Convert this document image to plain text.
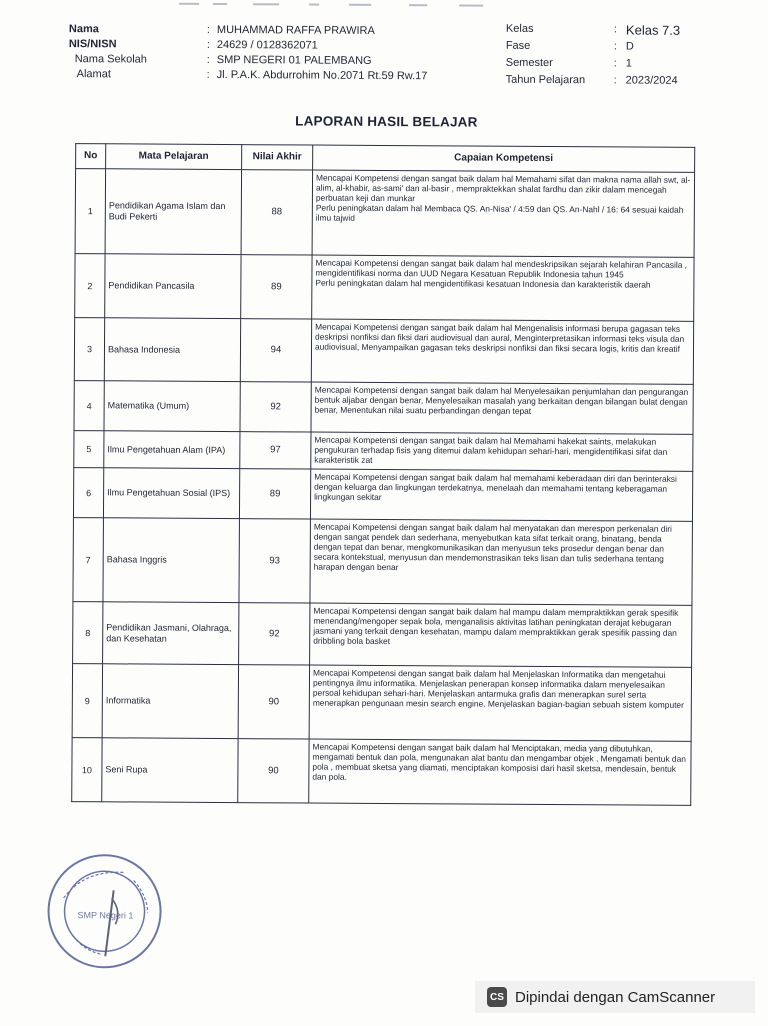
Nama	: MUHAMMAD RAFFA PRAWIRA
NIS/NISN	: 24629 / 0128362071
Nama Sekolah	: SMP NEGERI 01 PALEMBANG
Alamat	: Jl. P.A.K. Abdurrohim No.2071 Rt.59 Rw.17
Kelas	: Kelas 7.3
Fase	: D
Semester	: 1
Tahun Pelajaran	: 2023/2024
LAPORAN HASIL BELAJAR
No	Mata Pelajaran	Nilai Akhir	Capaian Kompetensi
1	Pendidikan Agama Islam dan Budi Pekerti	88	Mencapai Kompetensi dengan sangat baik dalam hal Memahami sifat dan makna nama allah swt, al-alim, al-khabir, as-sami' dan al-basir , mempraktekkan shalat fardhu dan zikir dalam mencegah perbuatan keji dan munkar
Perlu peningkatan dalam hal Membaca QS. An-Nisa' / 4:59 dan QS. An-Nahl / 16: 64 sesuai kaidah ilmu tajwid
2	Pendidikan Pancasila	89	Mencapai Kompetensi dengan sangat baik dalam hal mendeskripsikan sejarah kelahiran Pancasila , mengidentifikasi norma dan UUD Negara Kesatuan Republik Indonesia tahun 1945
Perlu peningkatan dalam hal mengidentifikasi kesatuan Indonesia dan karakteristik daerah
3	Bahasa Indonesia	94	Mencapai Kompetensi dengan sangat baik dalam hal Mengenalisis informasi berupa gagasan teks deskripsi nonfiksi dan fiksi dari audiovisual dan aural, Menginterpretasikan informasi teks visula dan audiovisual, Menyampaikan gagasan teks deskripsi nonfiksi dan fiksi secara logis, kritis dan kreatif
4	Matematika (Umum)	92	Mencapai Kompetensi dengan sangat baik dalam hal Menyelesaikan penjumlahan dan pengurangan bentuk aljabar dengan benar, Menyelesaikan masalah yang berkaitan dengan bilangan bulat dengan benar, Menentukan nilai suatu perbandingan dengan tepat
5	Ilmu Pengetahuan Alam (IPA)	97	Mencapai Kompetensi dengan sangat baik dalam hal Memahami hakekat saints, melakukan pengukuran terhadap fisis yang ditemui dalam kehidupan sehari-hari, mengidentifikasi sifat dan karakteristik zat
6	Ilmu Pengetahuan Sosial (IPS)	89	Mencapai Kompetensi dengan sangat baik dalam hal memahami keberadaan diri dan berinteraksi dengan keluarga dan lingkungan terdekatnya, menelaah dan memahami tentang keberagaman lingkungan sekitar
7	Bahasa Inggris	93	Mencapai Kompetensi dengan sangat baik dalam hal menyatakan dan merespon perkenalan diri dengan sangat pendek dan sederhana, menyebutkan kata sifat terkait orang, binatang, benda dengan tepat dan benar, mengkomunikasikan dan menyusun teks prosedur dengan benar dan secara kontekstual, menyusun dan mendemonstrasikan teks lisan dan tulis sederhana tentang harapan dengan benar
8	Pendidikan Jasmani, Olahraga, dan Kesehatan	92	Mencapai Kompetensi dengan sangat baik dalam hal mampu dalam mempraktikkan gerak spesifik menendang/mengoper sepak bola, menganalisis aktivitas latihan peningkatan derajat kebugaran jasmani yang terkait dengan kesehatan, mampu dalam mempraktikkan gerak spesifik passing dan dribbling bola basket
9	Informatika	90	Mencapai Kompetensi dengan sangat baik dalam hal Menjelaskan Informatika dan mengetahui pentingnya ilmu informatika. Menjelaskan penerapan konsep informatika dalam menyelesaikan persoal kehidupan sehari-hari. Menjelaskan antarmuka grafis dan menerapkan surel serta menerapkan pengunaan mesin search engine. Menjelaskan bagian-bagian sebuah sistem komputer
10	Seni Rupa	90	Mencapai Kompetensi dengan sangat baik dalam hal Menciptakan, media yang dibutuhkan, mengamati bentuk dan pola, mengunakan alat bantu dan mengambar objek , Mengamati bentuk dan pola , membuat sketsa yang diamati, menciptakan komposisi dari hasil sketsa, mendesain, bentuk dan pola.
SMP Negeri 1
CS Dipindai dengan CamScanner
